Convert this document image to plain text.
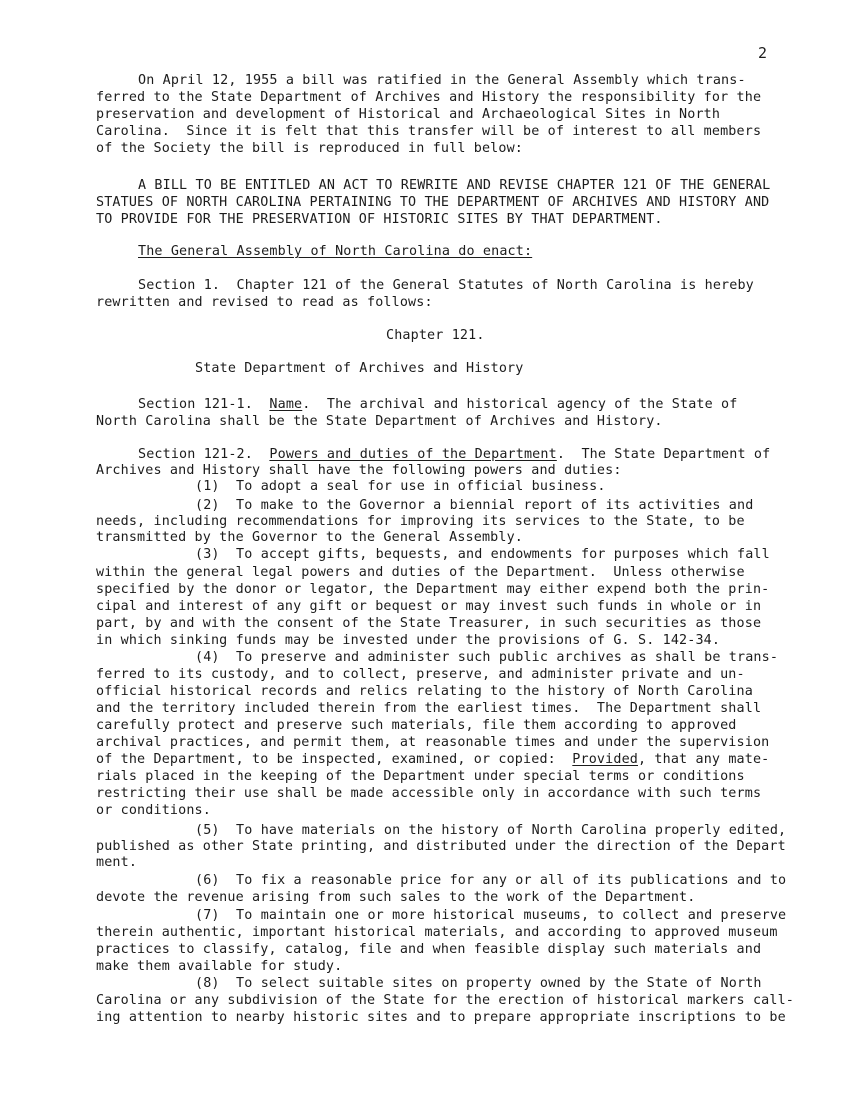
2
On April 12, 1955 a bill was ratified in the General Assembly which trans-
ferred to the State Department of Archives and History the responsibility for the
preservation and development of Historical and Archaeological Sites in North
Carolina.  Since it is felt that this transfer will be of interest to all members
of the Society the bill is reproduced in full below:
A BILL TO BE ENTITLED AN ACT TO REWRITE AND REVISE CHAPTER 121 OF THE GENERAL
STATUES OF NORTH CAROLINA PERTAINING TO THE DEPARTMENT OF ARCHIVES AND HISTORY AND
TO PROVIDE FOR THE PRESERVATION OF HISTORIC SITES BY THAT DEPARTMENT.
The General Assembly of North Carolina do enact:
Section 1.  Chapter 121 of the General Statutes of North Carolina is hereby
rewritten and revised to read as follows:
Chapter 121.
State Department of Archives and History
Section 121-1.  Name.  The archival and historical agency of the State of
North Carolina shall be the State Department of Archives and History.
Section 121-2.  Powers and duties of the Department.  The State Department of
Archives and History shall have the following powers and duties:
(1)  To adopt a seal for use in official business.
(2)  To make to the Governor a biennial report of its activities and
needs, including recommendations for improving its services to the State, to be
transmitted by the Governor to the General Assembly.
(3)  To accept gifts, bequests, and endowments for purposes which fall
within the general legal powers and duties of the Department.  Unless otherwise
specified by the donor or legator, the Department may either expend both the prin-
cipal and interest of any gift or bequest or may invest such funds in whole or in
part, by and with the consent of the State Treasurer, in such securities as those
in which sinking funds may be invested under the provisions of G. S. 142-34.
(4)  To preserve and administer such public archives as shall be trans-
ferred to its custody, and to collect, preserve, and administer private and un-
official historical records and relics relating to the history of North Carolina
and the territory included therein from the earliest times.  The Department shall
carefully protect and preserve such materials, file them according to approved
archival practices, and permit them, at reasonable times and under the supervision
of the Department, to be inspected, examined, or copied:  Provided, that any mate-
rials placed in the keeping of the Department under special terms or conditions
restricting their use shall be made accessible only in accordance with such terms
or conditions.
(5)  To have materials on the history of North Carolina properly edited,
published as other State printing, and distributed under the direction of the Depart
ment.
(6)  To fix a reasonable price for any or all of its publications and to
devote the revenue arising from such sales to the work of the Department.
(7)  To maintain one or more historical museums, to collect and preserve
therein authentic, important historical materials, and according to approved museum
practices to classify, catalog, file and when feasible display such materials and
make them available for study.
(8)  To select suitable sites on property owned by the State of North
Carolina or any subdivision of the State for the erection of historical markers call-
ing attention to nearby historic sites and to prepare appropriate inscriptions to be
